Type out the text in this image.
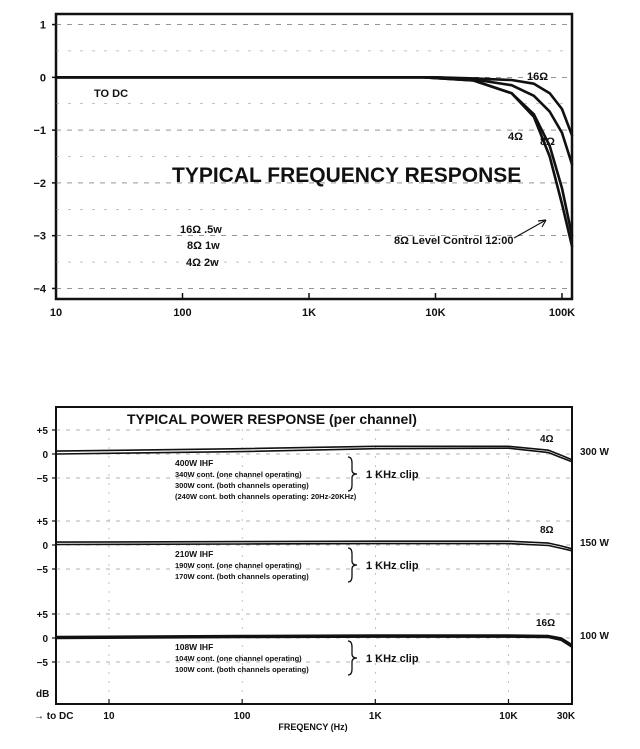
1
0
−1
−2
−3
−4
10	100	1K	10K	100K
TYPICAL FREQUENCY RESPONSE
TO DC
16Ω .5w
8Ω 1w
4Ω 2w
16Ω
4Ω 8Ω
8Ω Level Control 12:00
+5
0
−5
+5
0
−5
+5
0
−5
→ to DC	10	100	1K	10K	30K
4Ω
300 W
400W IHF
340W cont. (one channel operating)
300W cont. (both channels operating)
(240W cont. both channels operating: 20Hz-20KHz)
1 KHz clip
8Ω
150 W
210W IHF
190W cont. (one channel operating)
170W cont. (both channels operating)
1 KHz clip
16Ω
100 W
108W IHF
104W cont. (one channel operating)
100W cont. (both channels operating)
1 KHz clip
TYPICAL POWER RESPONSE (per channel)
dB
FREQENCY (Hz)
